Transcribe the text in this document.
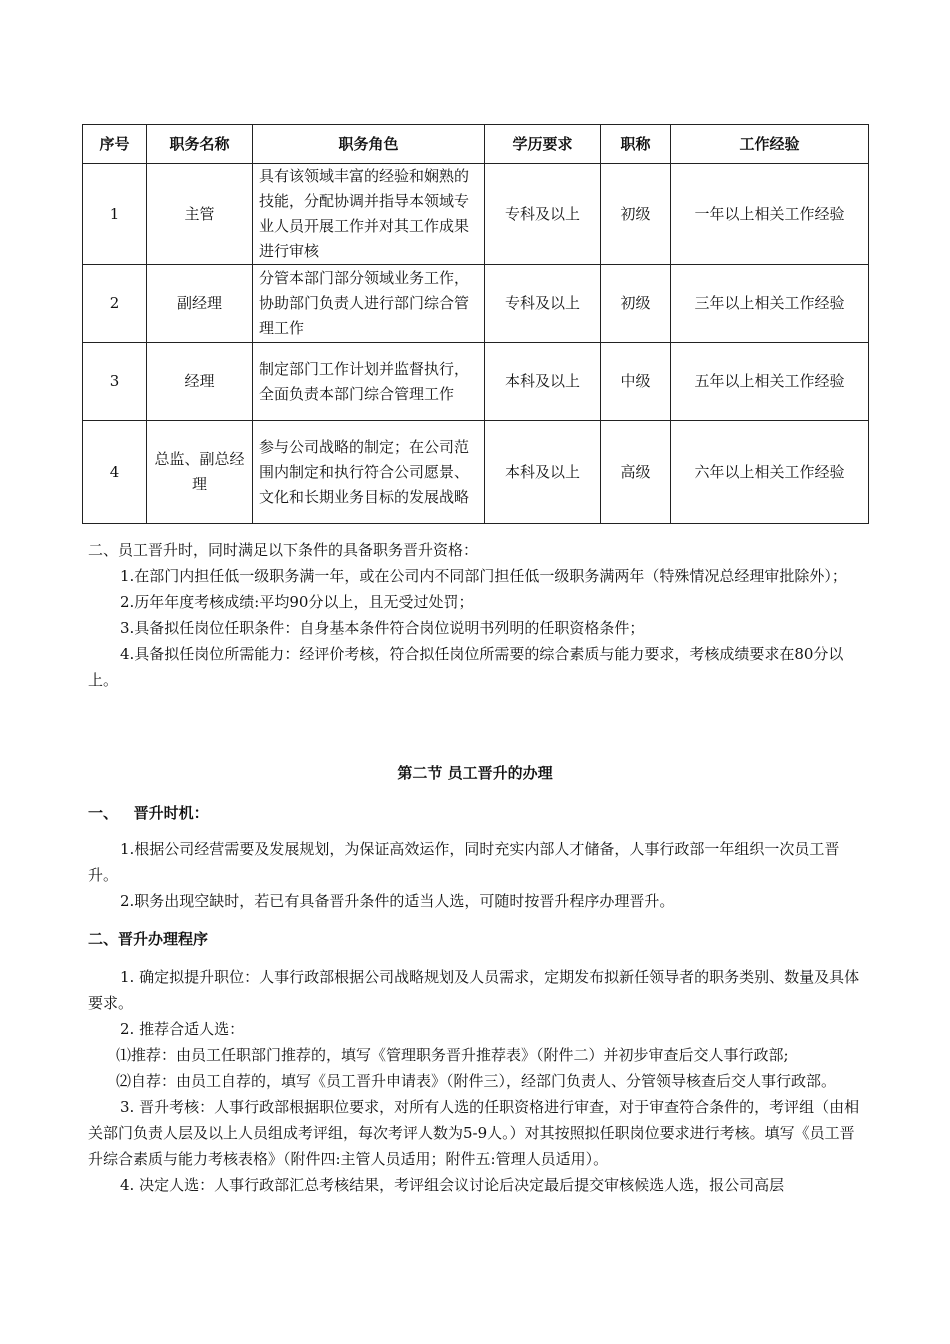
序号	职务名称	职务角色	学历要求	职称	工作经验
1	主管	具有该领域丰富的经验和娴熟的技能，分配协调并指导本领域专业人员开展工作并对其工作成果进行审核	专科及以上	初级	一年以上相关工作经验
2	副经理	分管本部门部分领域业务工作，协助部门负责人进行部门综合管理工作	专科及以上	初级	三年以上相关工作经验
3	经理	制定部门工作计划并监督执行，全面负责本部门综合管理工作	本科及以上	中级	五年以上相关工作经验
4	总监、副总经理	参与公司战略的制定；在公司范围内制定和执行符合公司愿景、文化和长期业务目标的发展战略	本科及以上	高级	六年以上相关工作经验

二、员工晋升时，同时满足以下条件的具备职务晋升资格：

1.在部门内担任低一级职务满一年，或在公司内不同部门担任低一级职务满两年（特殊情况总经理审批除外）；

2.历年年度考核成绩:平均90分以上，且无受过处罚；

3.具备拟任岗位任职条件：自身基本条件符合岗位说明书列明的任职资格条件；

4.具备拟任岗位所需能力：经评价考核，符合拟任岗位所需要的综合素质与能力要求，考核成绩要求在80分以上。

第二节 员工晋升的办理
一、   晋升时机：

1.根据公司经营需要及发展规划，为保证高效运作，同时充实内部人才储备，人事行政部一年组织一次员工晋升。

2.职务出现空缺时，若已有具备晋升条件的适当人选，可随时按晋升程序办理晋升。

二、晋升办理程序

1. 确定拟提升职位：人事行政部根据公司战略规划及人员需求，定期发布拟新任领导者的职务类别、数量及具体要求。

2. 推荐合适人选：

⑴推荐：由员工任职部门推荐的，填写《管理职务晋升推荐表》（附件二）并初步审查后交人事行政部;

⑵自荐：由员工自荐的，填写《员工晋升申请表》（附件三），经部门负责人、分管领导核查后交人事行政部。

3. 晋升考核：人事行政部根据职位要求，对所有人选的任职资格进行审查，对于审查符合条件的，考评组（由相关部门负责人层及以上人员组成考评组，每次考评人数为5-9人。）对其按照拟任职岗位要求进行考核。填写《员工晋升综合素质与能力考核表格》（附件四:主管人员适用；附件五:管理人员适用）。

4. 决定人选：人事行政部汇总考核结果，考评组会议讨论后决定最后提交审核候选人选，报公司高层
